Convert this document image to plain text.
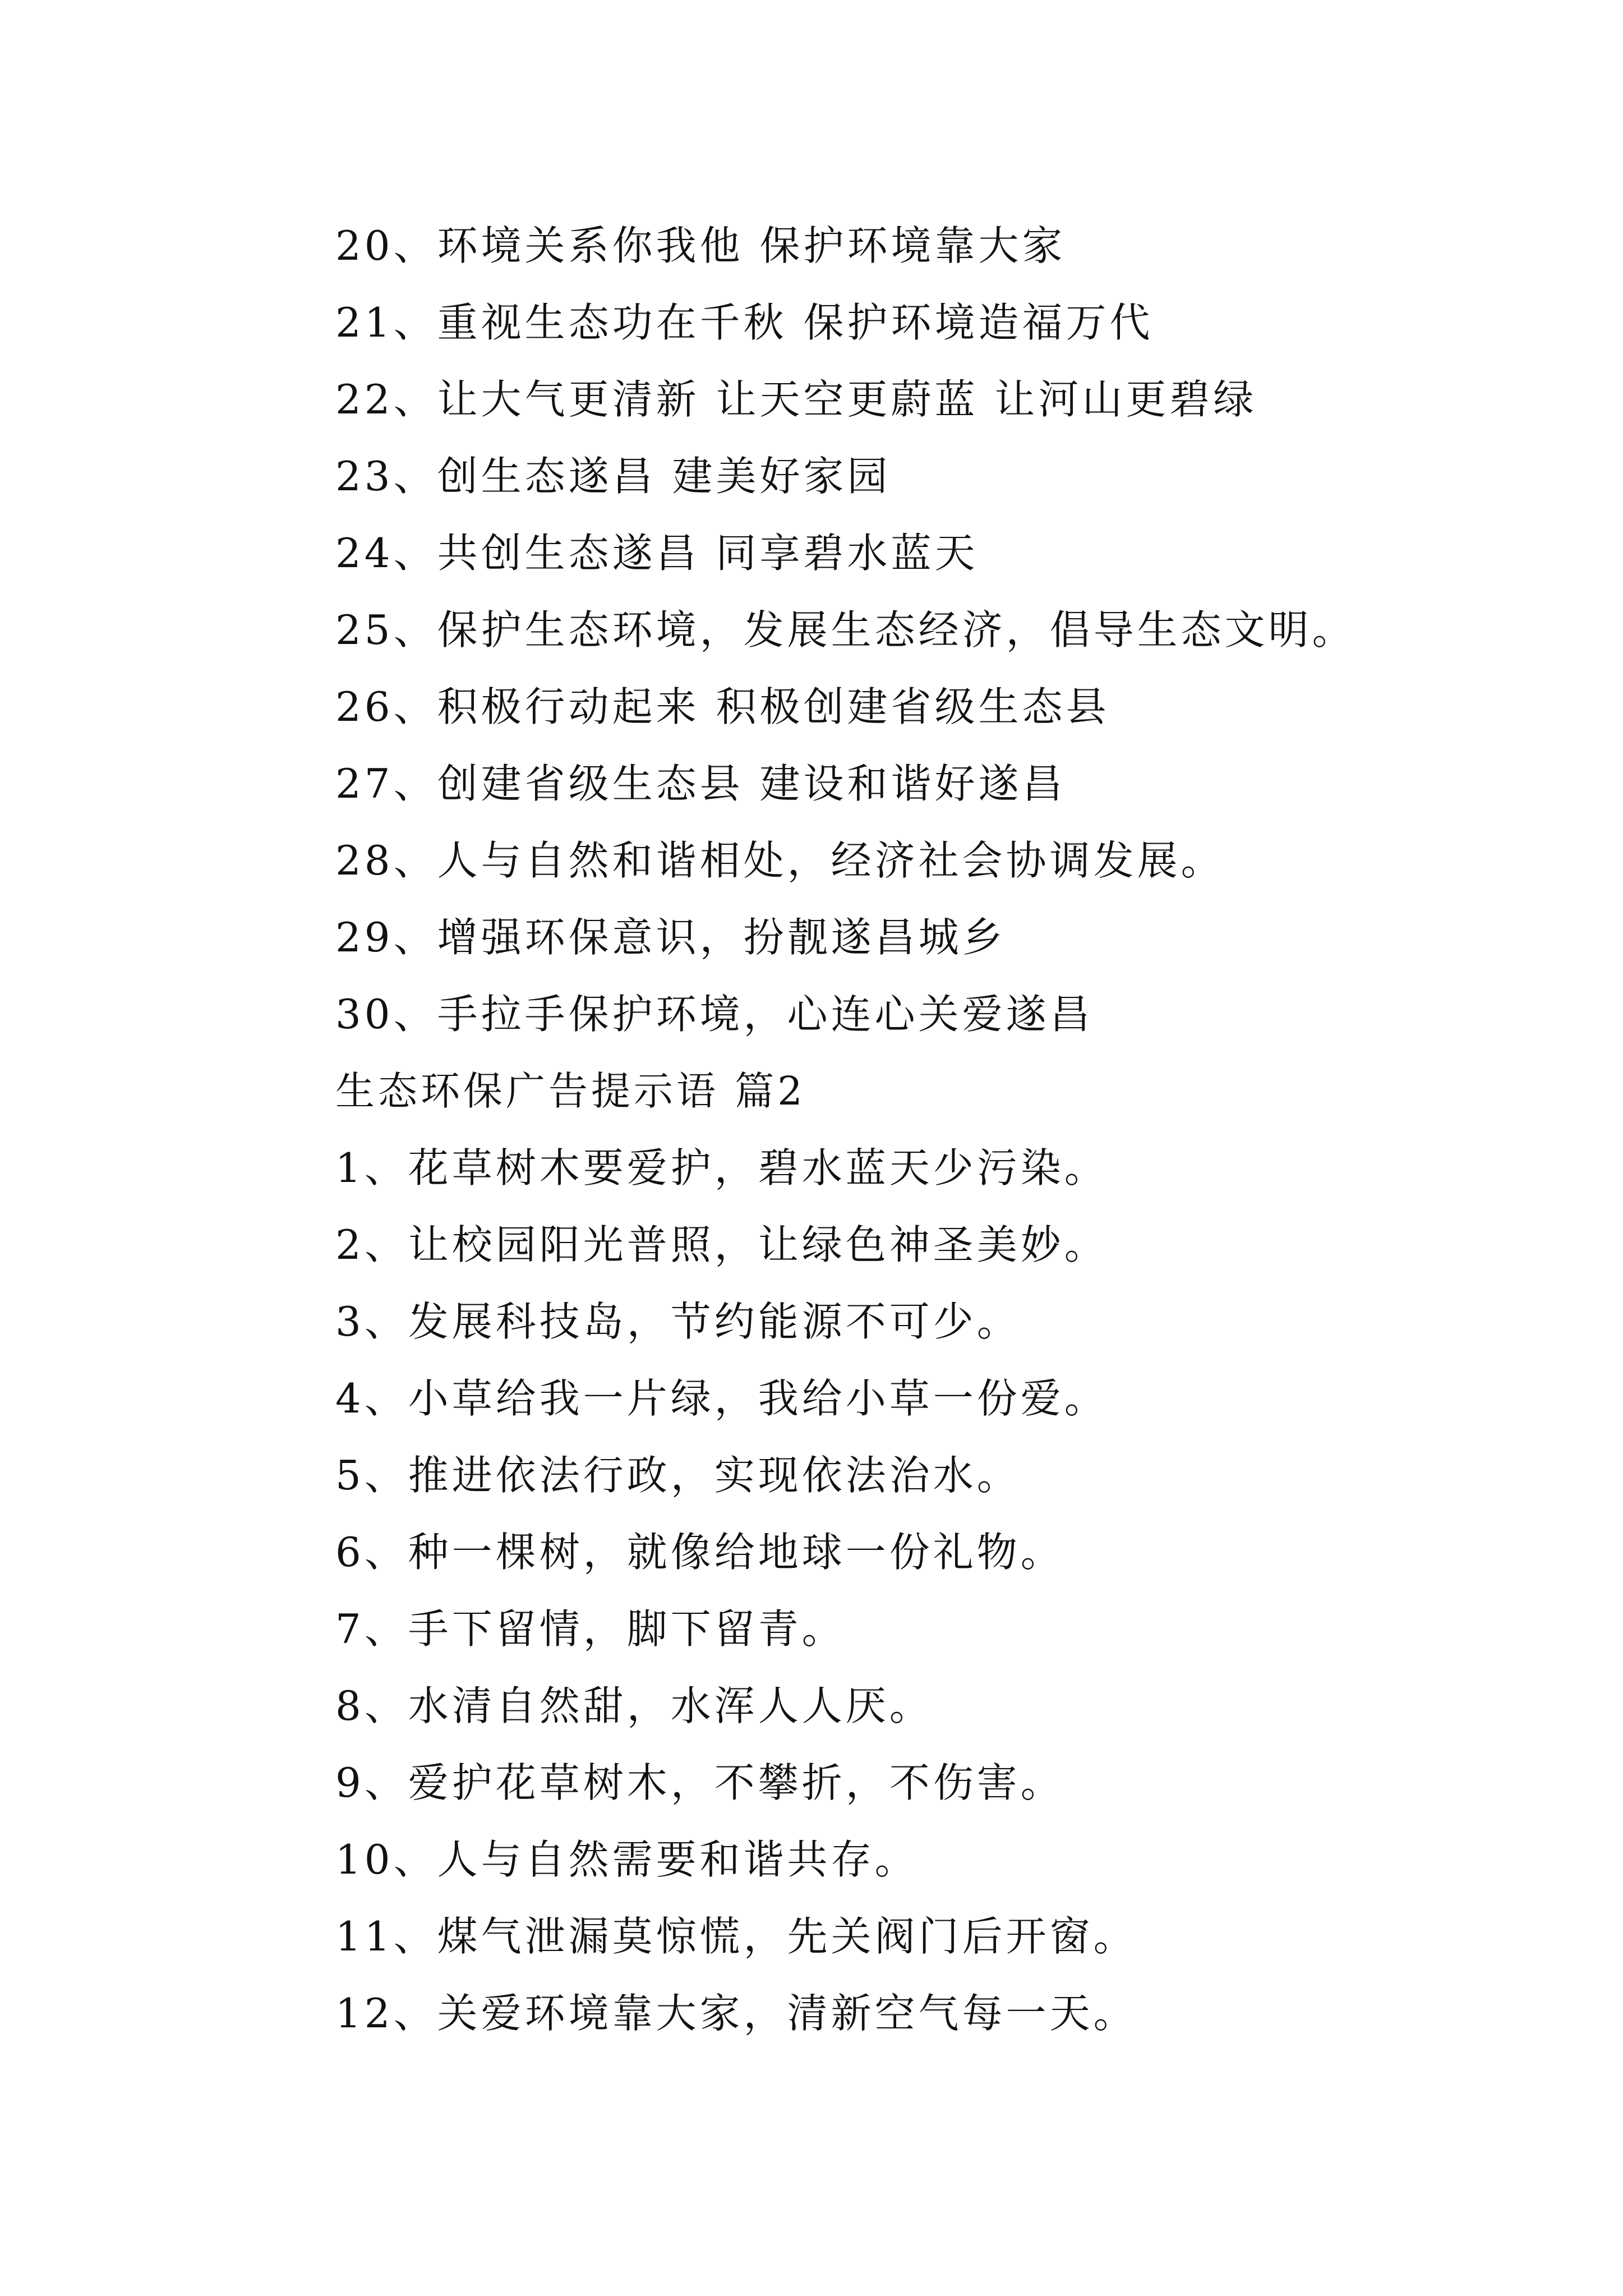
20、环境关系你我他 保护环境靠大家
21、重视生态功在千秋 保护环境造福万代
22、让大气更清新 让天空更蔚蓝 让河山更碧绿
23、创生态遂昌 建美好家园
24、共创生态遂昌 同享碧水蓝天
25、保护生态环境，发展生态经济，倡导生态文明。
26、积极行动起来 积极创建省级生态县
27、创建省级生态县 建设和谐好遂昌
28、人与自然和谐相处，经济社会协调发展。
29、增强环保意识，扮靓遂昌城乡
30、手拉手保护环境，心连心关爱遂昌
生态环保广告提示语 篇2
1、花草树木要爱护，碧水蓝天少污染。
2、让校园阳光普照，让绿色神圣美妙。
3、发展科技岛，节约能源不可少。
4、小草给我一片绿，我给小草一份爱。
5、推进依法行政，实现依法治水。
6、种一棵树，就像给地球一份礼物。
7、手下留情，脚下留青。
8、水清自然甜，水浑人人厌。
9、爱护花草树木，不攀折，不伤害。
10、人与自然需要和谐共存。
11、煤气泄漏莫惊慌，先关阀门后开窗。
12、关爱环境靠大家，清新空气每一天。
